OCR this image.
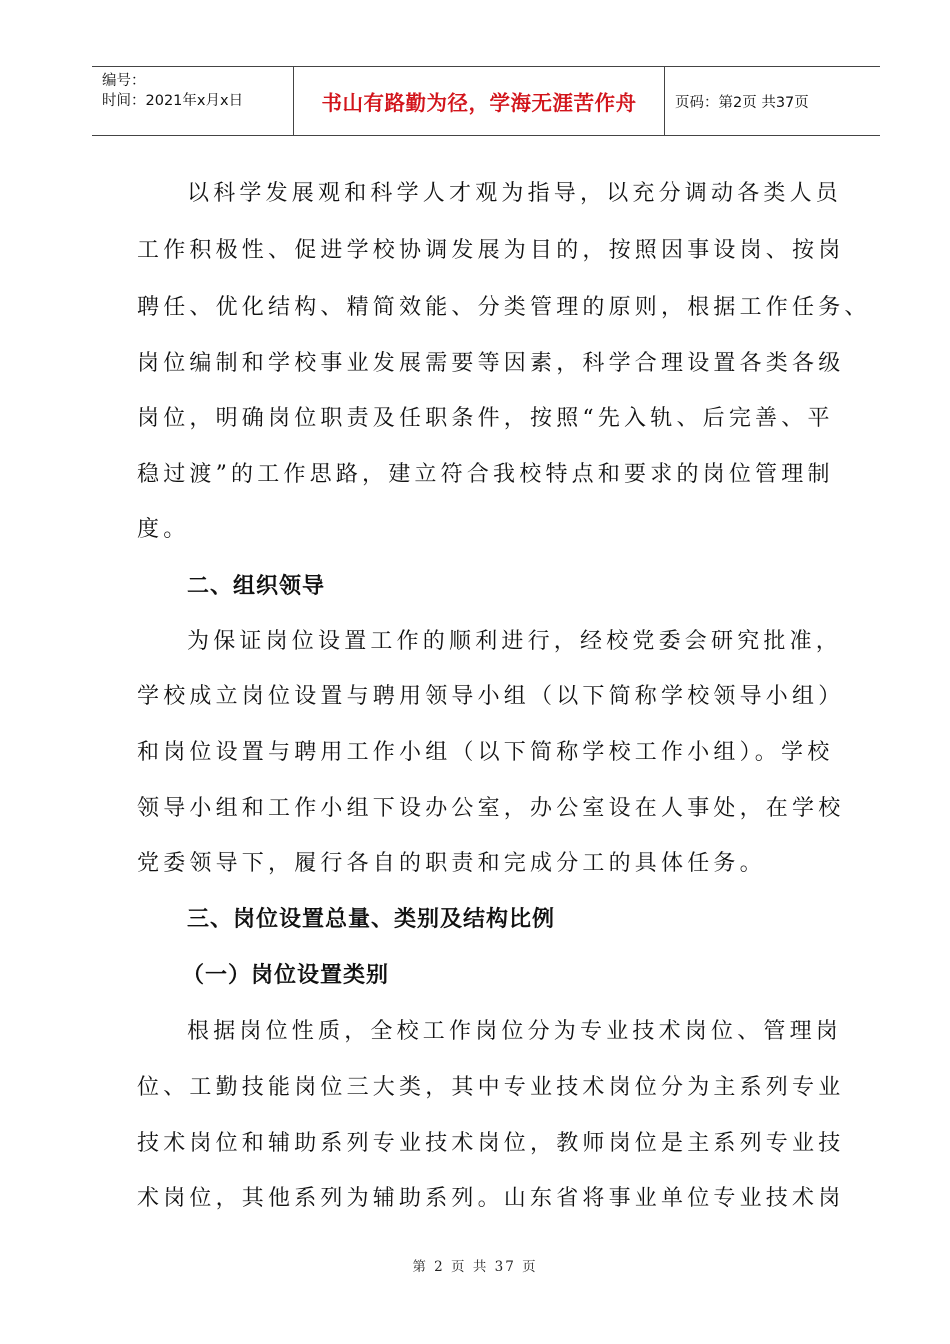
编号：
时间：2021年x月x日	书山有路勤为径，学海无涯苦作舟	页码：第2页 共37页
以科学发展观和科学人才观为指导，以充分调动各类人员
工作积极性、促进学校协调发展为目的，按照因事设岗、按岗
聘任、优化结构、精简效能、分类管理的原则，根据工作任务、
岗位编制和学校事业发展需要等因素，科学合理设置各类各级
岗位，明确岗位职责及任职条件，按照“先入轨、后完善、平
稳过渡”的工作思路，建立符合我校特点和要求的岗位管理制
度。
二、组织领导
为保证岗位设置工作的顺利进行，经校党委会研究批准，
学校成立岗位设置与聘用领导小组（以下简称学校领导小组）
和岗位设置与聘用工作小组（以下简称学校工作小组）。学校
领导小组和工作小组下设办公室，办公室设在人事处，在学校
党委领导下，履行各自的职责和完成分工的具体任务。
三、岗位设置总量、类别及结构比例
（一）岗位设置类别
根据岗位性质，全校工作岗位分为专业技术岗位、管理岗
位、工勤技能岗位三大类，其中专业技术岗位分为主系列专业
技术岗位和辅助系列专业技术岗位，教师岗位是主系列专业技
术岗位，其他系列为辅助系列。山东省将事业单位专业技术岗
第 2 页 共 37 页
